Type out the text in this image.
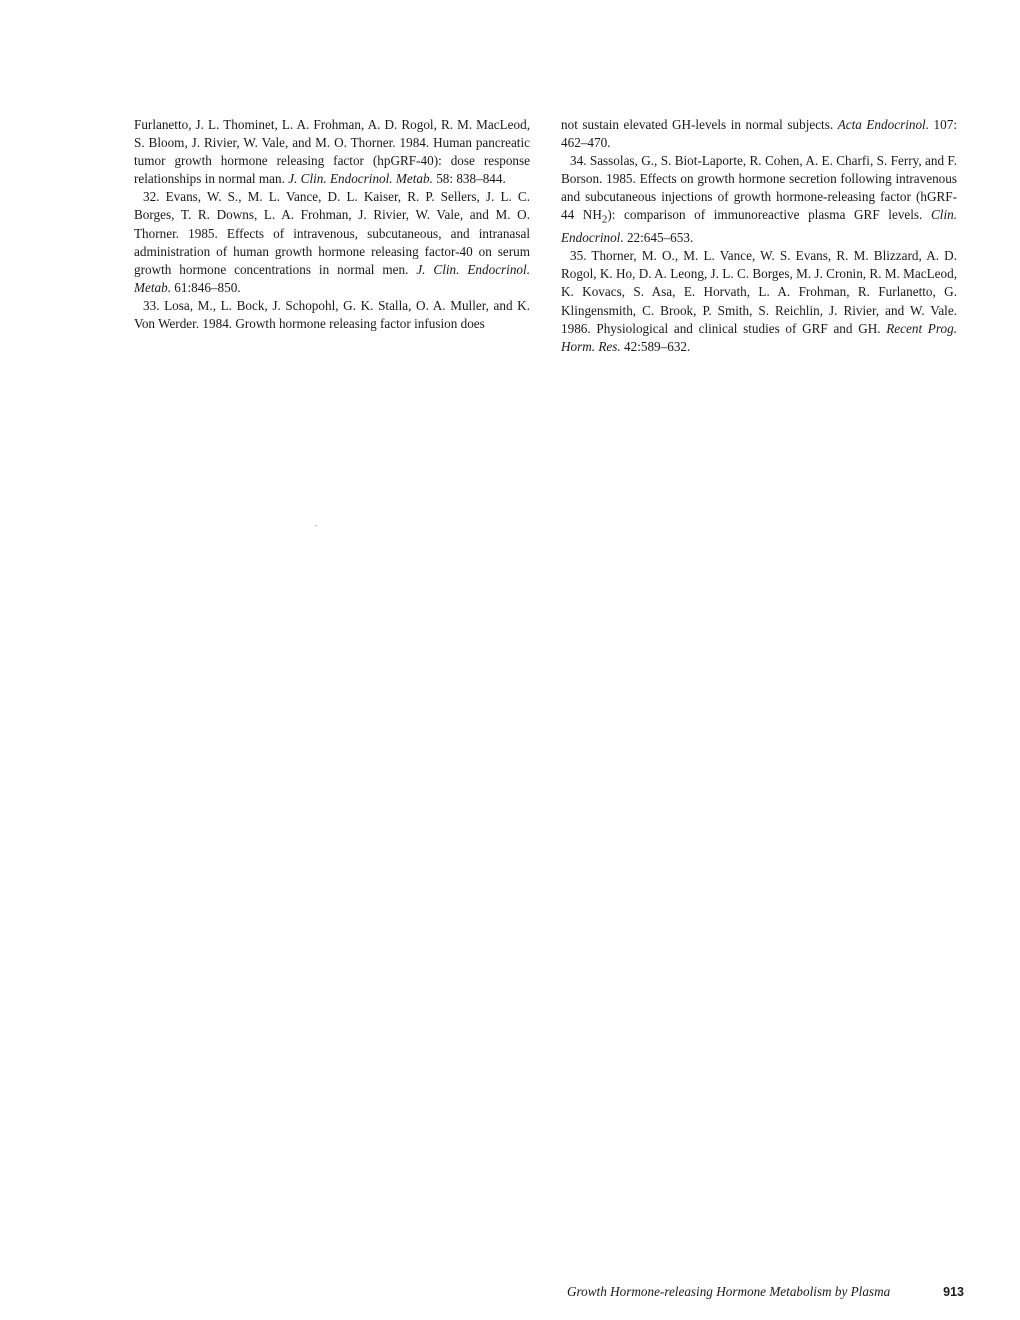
Furlanetto, J. L. Thominet, L. A. Frohman, A. D. Rogol, R. M. MacLeod, S. Bloom, J. Rivier, W. Vale, and M. O. Thorner. 1984. Human pancreatic tumor growth hormone releasing factor (hpGRF-40): dose response relationships in normal man. J. Clin. Endocrinol. Metab. 58: 838–844.

32. Evans, W. S., M. L. Vance, D. L. Kaiser, R. P. Sellers, J. L. C. Borges, T. R. Downs, L. A. Frohman, J. Rivier, W. Vale, and M. O. Thorner. 1985. Effects of intravenous, subcutaneous, and intranasal administration of human growth hormone releasing factor-40 on serum growth hormone concentrations in normal men. J. Clin. Endocrinol. Metab. 61:846–850.

33. Losa, M., L. Bock, J. Schopohl, G. K. Stalla, O. A. Muller, and K. Von Werder. 1984. Growth hormone releasing factor infusion does

not sustain elevated GH-levels in normal subjects. Acta Endocrinol. 107: 462–470.

34. Sassolas, G., S. Biot-Laporte, R. Cohen, A. E. Charfi, S. Ferry, and F. Borson. 1985. Effects on growth hormone secretion following intravenous and subcutaneous injections of growth hormone-releasing factor (hGRF-44 $NH_2$): comparison of immunoreactive plasma GRF levels. Clin. Endocrinol. 22:645–653.

35. Thorner, M. O., M. L. Vance, W. S. Evans, R. M. Blizzard, A. D. Rogol, K. Ho, D. A. Leong, J. L. C. Borges, M. J. Cronin, R. M. MacLeod, K. Kovacs, S. Asa, E. Horvath, L. A. Frohman, R. Furlanetto, G. Klingensmith, C. Brook, P. Smith, S. Reichlin, J. Rivier, and W. Vale. 1986. Physiological and clinical studies of GRF and GH. Recent Prog. Horm. Res. 42:589–632.

Growth Hormone-releasing Hormone Metabolism by Plasma	913
